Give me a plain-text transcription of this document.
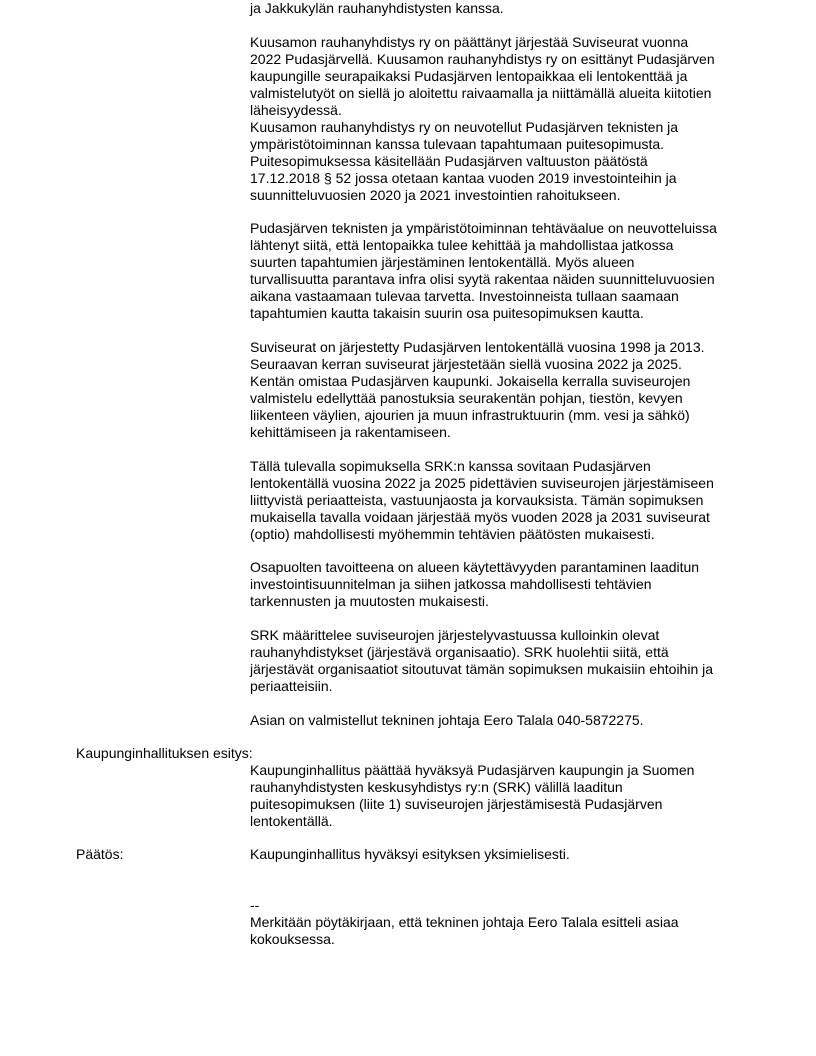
ja Jakkukylän rauhanyhdistysten kanssa.
Kuusamon rauhanyhdistys ry on päättänyt järjestää Suviseurat vuonna
2022 Pudasjärvellä. Kuusamon rauhanyhdistys ry on esittänyt Pudasjärven
kaupungille seurapaikaksi Pudasjärven lentopaikkaa eli lentokenttää ja
valmistelutyöt on siellä jo aloitettu raivaamalla ja niittämällä alueita kiitotien
läheisyydessä.
Kuusamon rauhanyhdistys ry on neuvotellut Pudasjärven teknisten ja
ympäristötoiminnan kanssa tulevaan tapahtumaan puitesopimusta.
Puitesopimuksessa käsitellään Pudasjärven valtuuston päätöstä
17.12.2018 § 52 jossa otetaan kantaa vuoden 2019 investointeihin ja
suunnitteluvuosien 2020 ja 2021 investointien rahoitukseen.
Pudasjärven teknisten ja ympäristötoiminnan tehtäväalue on neuvotteluissa
lähtenyt siitä, että lentopaikka tulee kehittää ja mahdollistaa jatkossa
suurten tapahtumien järjestäminen lentokentällä. Myös alueen
turvallisuutta parantava infra olisi syytä rakentaa näiden suunnitteluvuosien
aikana vastaamaan tulevaa tarvetta. Investoinneista tullaan saamaan
tapahtumien kautta takaisin suurin osa puitesopimuksen kautta.
Suviseurat on järjestetty Pudasjärven lentokentällä vuosina 1998 ja 2013.
Seuraavan kerran suviseurat järjestetään siellä vuosina 2022 ja 2025.
Kentän omistaa Pudasjärven kaupunki. Jokaisella kerralla suviseurojen
valmistelu edellyttää panostuksia seurakentän pohjan, tiestön, kevyen
liikenteen väylien, ajourien ja muun infrastruktuurin (mm. vesi ja sähkö)
kehittämiseen ja rakentamiseen.
Tällä tulevalla sopimuksella SRK:n kanssa sovitaan Pudasjärven
lentokentällä vuosina 2022 ja 2025 pidettävien suviseurojen järjestämiseen
liittyvistä periaatteista, vastuunjaosta ja korvauksista. Tämän sopimuksen
mukaisella tavalla voidaan järjestää myös vuoden 2028 ja 2031 suviseurat
(optio) mahdollisesti myöhemmin tehtävien päätösten mukaisesti.
Osapuolten tavoitteena on alueen käytettävyyden parantaminen laaditun
investointisuunnitelman ja siihen jatkossa mahdollisesti tehtävien
tarkennusten ja muutosten mukaisesti.
SRK määrittelee suviseurojen järjestelyvastuussa kulloinkin olevat
rauhanyhdistykset (järjestävä organisaatio). SRK huolehtii siitä, että
järjestävät organisaatiot sitoutuvat tämän sopimuksen mukaisiin ehtoihin ja
periaatteisiin.
Asian on valmistellut tekninen johtaja Eero Talala 040-5872275.
Kaupunginhallituksen esitys:
Kaupunginhallitus päättää hyväksyä Pudasjärven kaupungin ja Suomen
rauhanyhdistysten keskusyhdistys ry:n (SRK) välillä laaditun
puitesopimuksen (liite 1) suviseurojen järjestämisestä Pudasjärven
lentokentällä.
Päätös:	Kaupunginhallitus hyväksyi esityksen yksimielisesti.
--
Merkitään pöytäkirjaan, että tekninen johtaja Eero Talala esitteli asiaa
kokouksessa.
